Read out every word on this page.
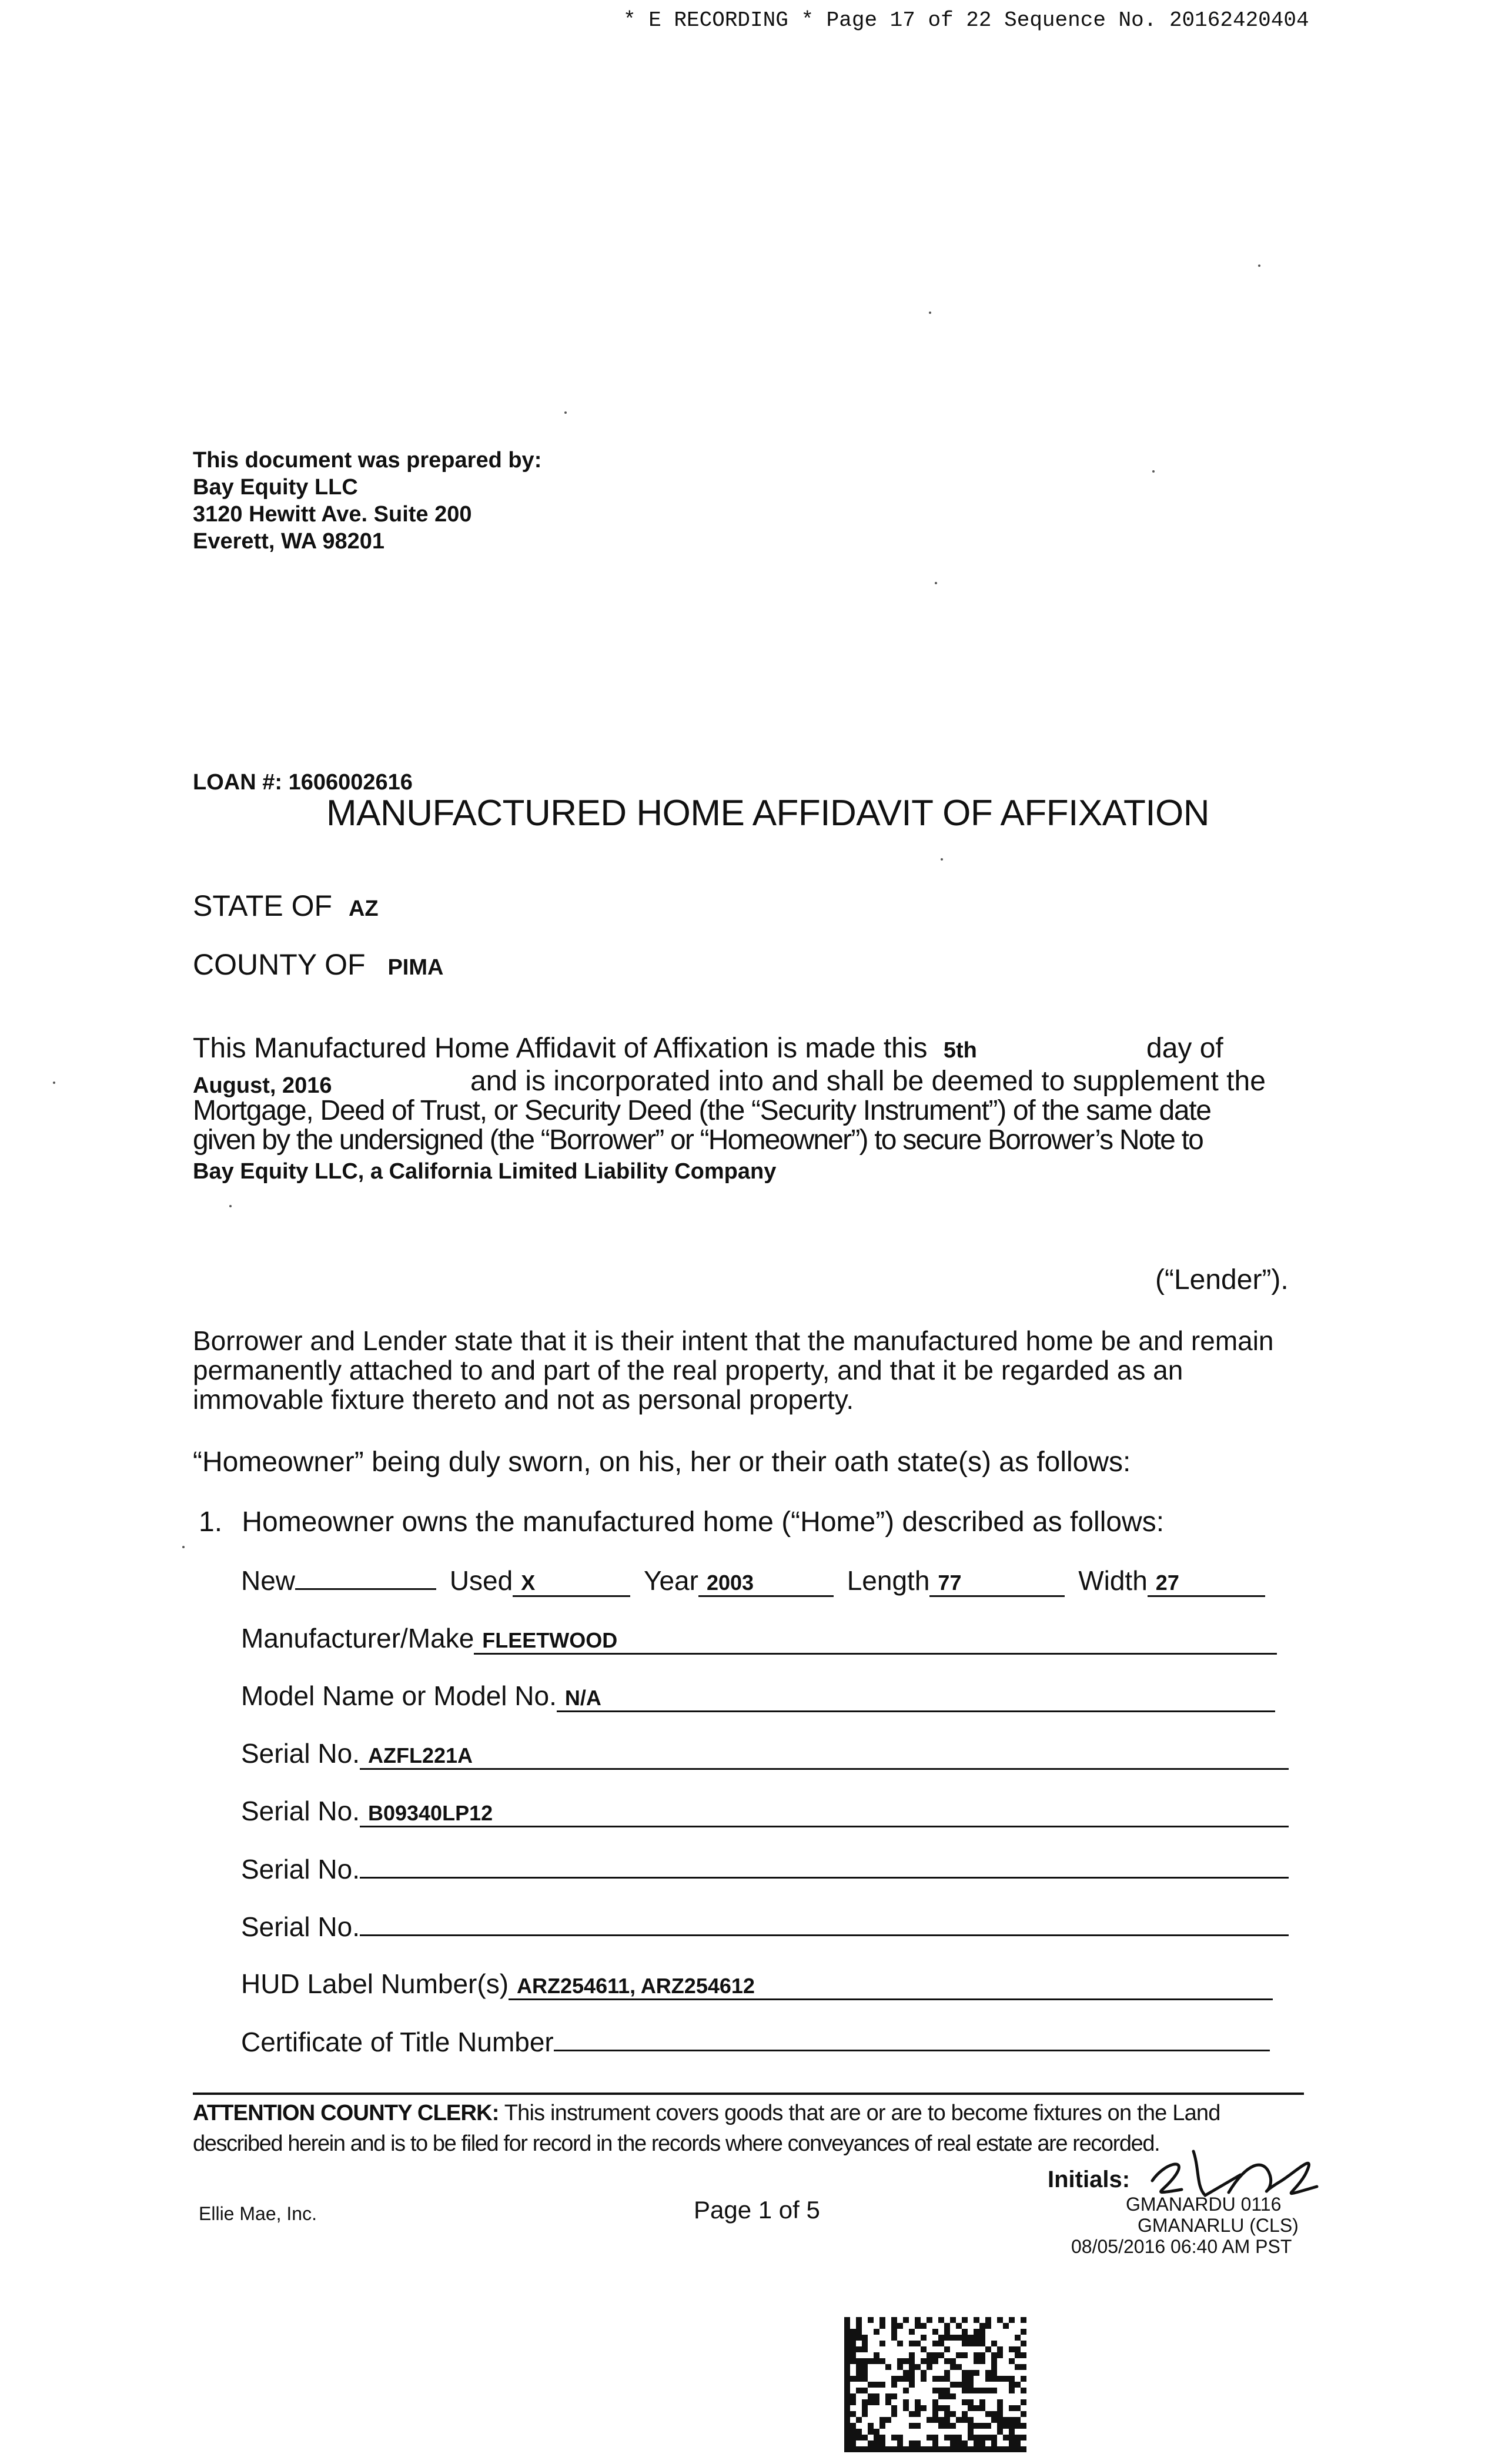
* E RECORDING * Page 17 of 22 Sequence No. 20162420404
This document was prepared by:
Bay Equity LLC
3120 Hewitt Ave. Suite 200
Everett, WA 98201
LOAN #: 1606002616
MANUFACTURED HOME AFFIDAVIT OF AFFIXATION
STATE OF AZ
COUNTY OF PIMA
This Manufactured Home Affidavit of Affixation is made this 5th	day of
August, 2016	and is incorporated into and shall be deemed to supplement the
Mortgage, Deed of Trust, or Security Deed (the “Security Instrument”) of the same date
given by the undersigned (the “Borrower” or “Homeowner”) to secure Borrower’s Note to
Bay Equity LLC, a California Limited Liability Company
(“Lender”).
Borrower and Lender state that it is their intent that the manufactured home be and remain permanently attached to and part of the real property, and that it be regarded as an immovable fixture thereto and not as personal property.
“Homeowner” being duly sworn, on his, her or their oath state(s) as follows:
1. Homeowner owns the manufactured home (“Home”) described as follows:
New	Used X	Year 2003	Length 77	Width 27
Manufacturer/Make FLEETWOOD
Model Name or Model No. N/A
Serial No. AZFL221A
Serial No. B09340LP12
Serial No.
Serial No.
HUD Label Number(s) ARZ254611, ARZ254612
Certificate of Title Number
ATTENTION COUNTY CLERK: This instrument covers goods that are or are to become fixtures on the Land
described herein and is to be filed for record in the records where conveyances of real estate are recorded.
Initials:
Ellie Mae, Inc.	Page 1 of 5	GMANARDU 0116
GMANARLU (CLS)
08/05/2016 06:40 AM PST
